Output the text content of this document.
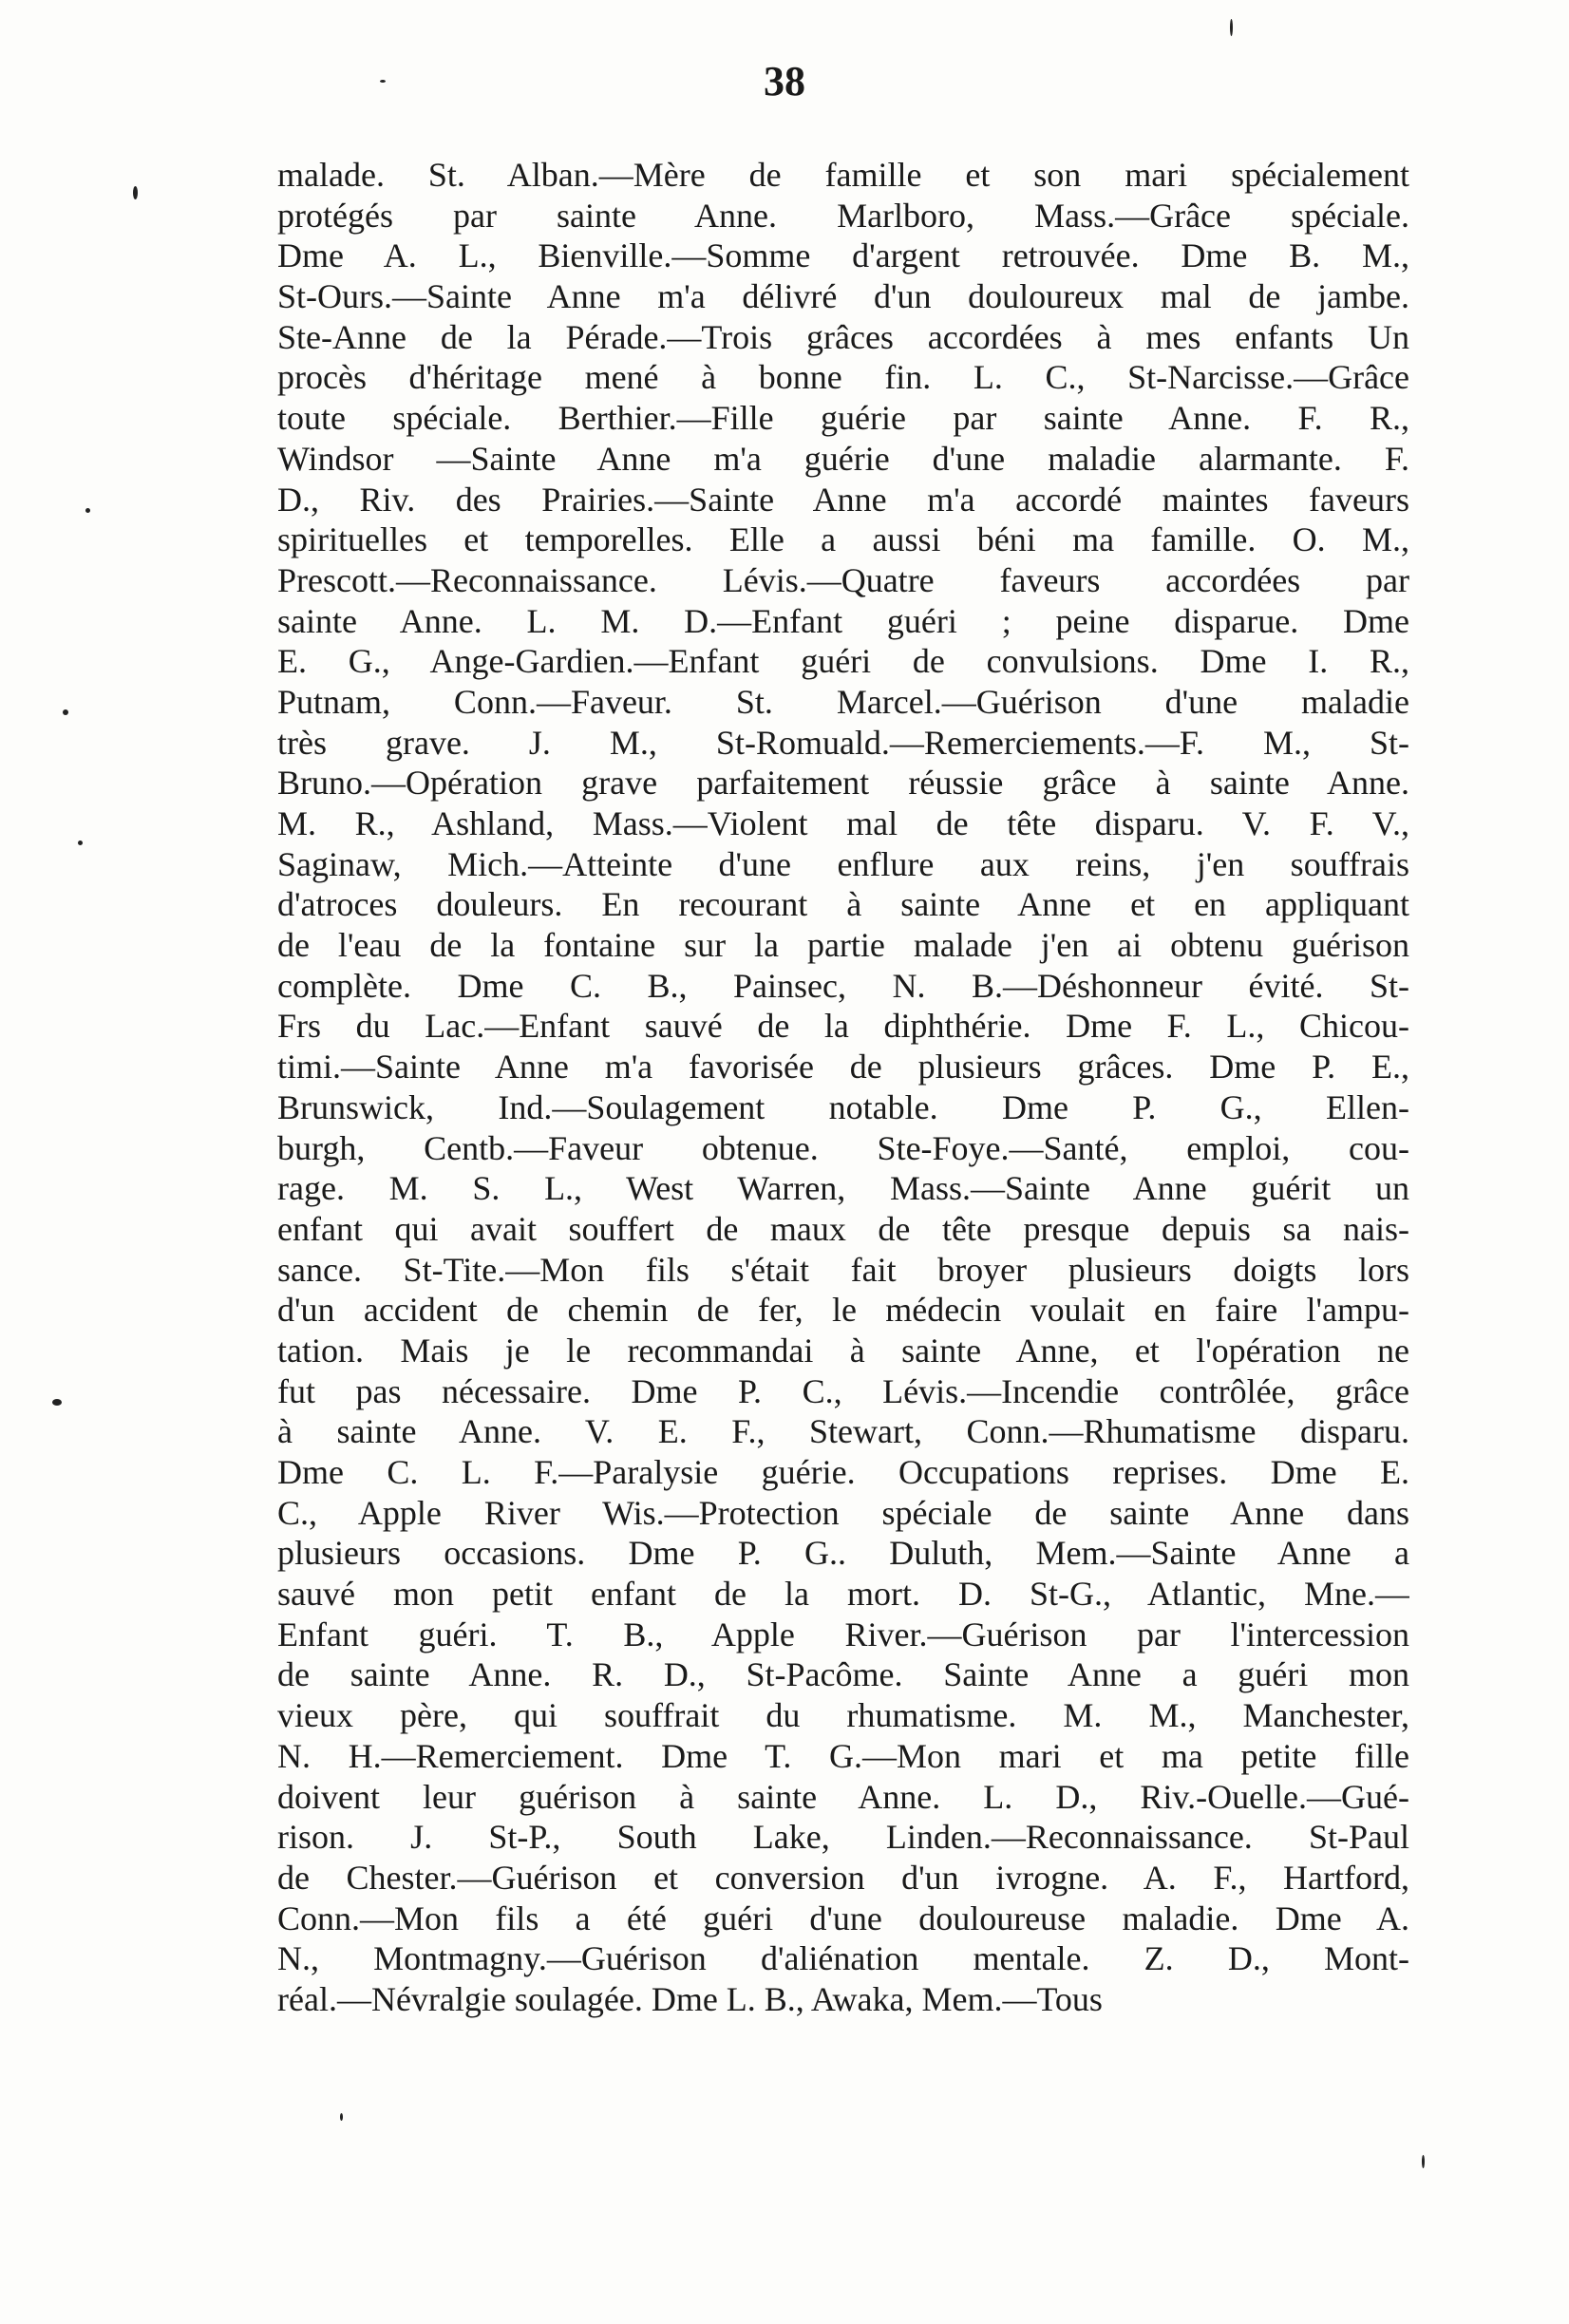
38
malade. St. Alban.—Mère de famille et son mari spécialement
protégés par sainte Anne. Marlboro, Mass.—Grâce spéciale.
Dme A. L., Bienville.—Somme d'argent retrouvée. Dme B. M.,
St-Ours.—Sainte Anne m'a délivré d'un douloureux mal de jambe.
Ste-Anne de la Pérade.—Trois grâces accordées à mes enfants Un
procès d'héritage mené à bonne fin. L. C., St-Narcisse.—Grâce
toute spéciale. Berthier.—Fille guérie par sainte Anne. F. R.,
Windsor —Sainte Anne m'a guérie d'une maladie alarmante. F.
D., Riv. des Prairies.—Sainte Anne m'a accordé maintes faveurs
spirituelles et temporelles. Elle a aussi béni ma famille. O. M.,
Prescott.—Reconnaissance. Lévis.—Quatre faveurs accordées par
sainte Anne. L. M. D.—Enfant guéri ; peine disparue. Dme
E. G., Ange-Gardien.—Enfant guéri de convulsions. Dme I. R.,
Putnam, Conn.—Faveur. St. Marcel.—Guérison d'une maladie
très grave. J. M., St-Romuald.—Remerciements.—F. M., St-
Bruno.—Opération grave parfaitement réussie grâce à sainte Anne.
M. R., Ashland, Mass.—Violent mal de tête disparu. V. F. V.,
Saginaw, Mich.—Atteinte d'une enflure aux reins, j'en souffrais
d'atroces douleurs. En recourant à sainte Anne et en appliquant
de l'eau de la fontaine sur la partie malade j'en ai obtenu guérison
complète. Dme C. B., Painsec, N. B.—Déshonneur évité. St-
Frs du Lac.—Enfant sauvé de la diphthérie. Dme F. L., Chicou-
timi.—Sainte Anne m'a favorisée de plusieurs grâces. Dme P. E.,
Brunswick, Ind.—Soulagement notable. Dme P. G., Ellen-
burgh, Centb.—Faveur obtenue. Ste-Foye.—Santé, emploi, cou-
rage. M. S. L., West Warren, Mass.—Sainte Anne guérit un
enfant qui avait souffert de maux de tête presque depuis sa nais-
sance. St-Tite.—Mon fils s'était fait broyer plusieurs doigts lors
d'un accident de chemin de fer, le médecin voulait en faire l'ampu-
tation. Mais je le recommandai à sainte Anne, et l'opération ne
fut pas nécessaire. Dme P. C., Lévis.—Incendie contrôlée, grâce
à sainte Anne. V. E. F., Stewart, Conn.—Rhumatisme disparu.
Dme C. L. F.—Paralysie guérie. Occupations reprises. Dme E.
C., Apple River Wis.—Protection spéciale de sainte Anne dans
plusieurs occasions. Dme P. G.. Duluth, Mem.—Sainte Anne a
sauvé mon petit enfant de la mort. D. St-G., Atlantic, Mne.—
Enfant guéri. T. B., Apple River.—Guérison par l'intercession
de sainte Anne. R. D., St-Pacôme. Sainte Anne a guéri mon
vieux père, qui souffrait du rhumatisme. M. M., Manchester,
N. H.—Remerciement. Dme T. G.—Mon mari et ma petite fille
doivent leur guérison à sainte Anne. L. D., Riv.-Ouelle.—Gué-
rison. J. St-P., South Lake, Linden.—Reconnaissance. St-Paul
de Chester.—Guérison et conversion d'un ivrogne. A. F., Hartford,
Conn.—Mon fils a été guéri d'une douloureuse maladie. Dme A.
N., Montmagny.—Guérison d'aliénation mentale. Z. D., Mont-
réal.—Névralgie soulagée. Dme L. B., Awaka, Mem.—Tous
